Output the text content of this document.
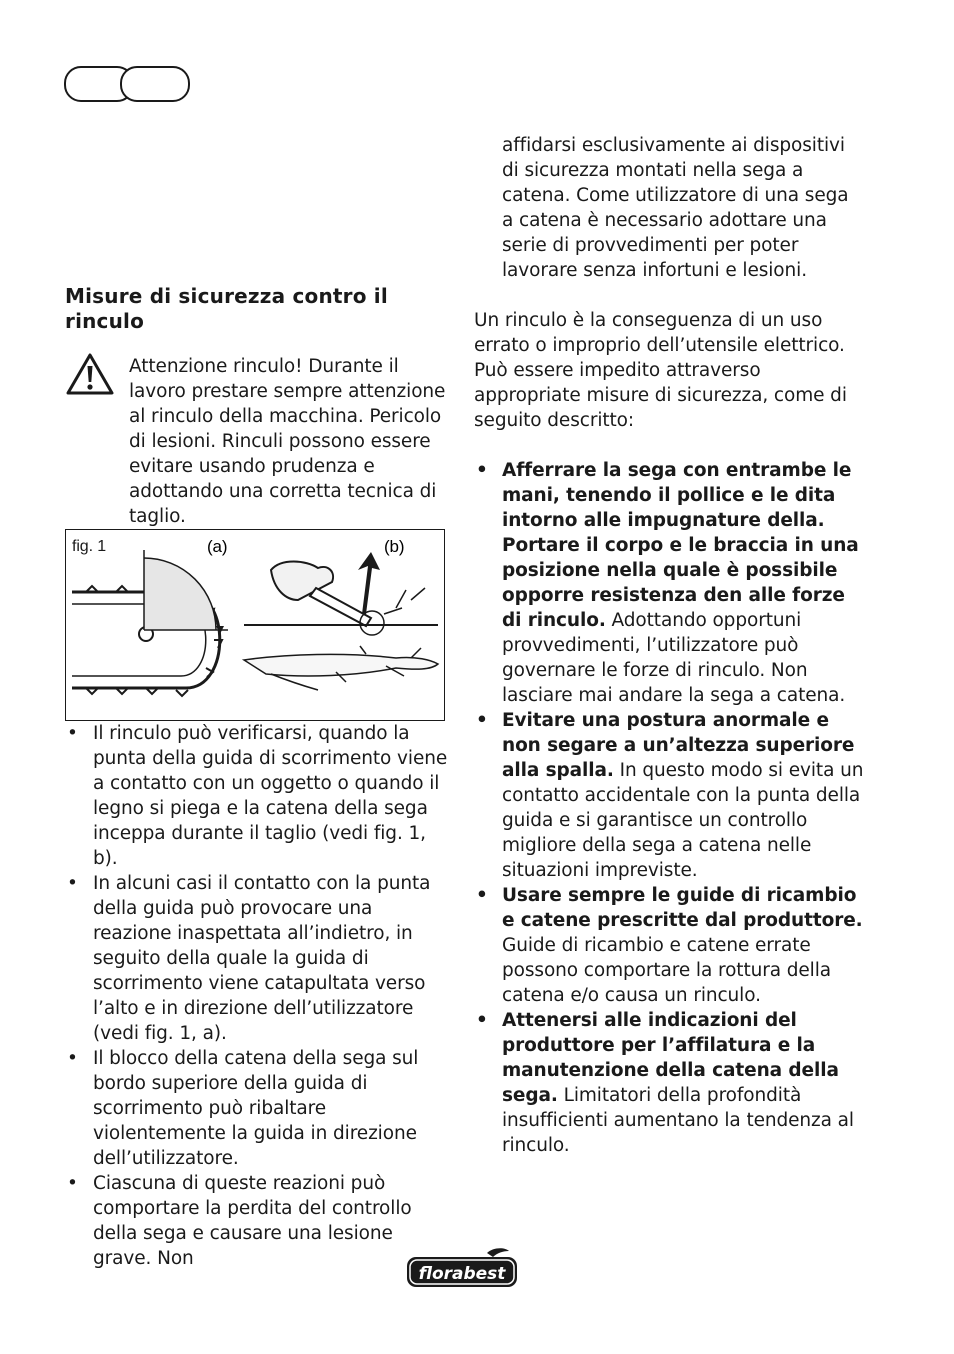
Misure di sicurezza contro il rinculo

Attenzione rinculo! Durante il lavoro prestare sempre attenzione al rinculo della macchina. Pericolo di lesioni. Rinculi possono essere evitare usando prudenza e adottando una corretta tecnica di taglio.

fig. 1	(a)	(b)
• Il rinculo può verificarsi, quando la punta della guida di scorrimento viene a contatto con un oggetto o quando il legno si piega e la catena della sega inceppa durante il taglio (vedi fig. 1, b).
• In alcuni casi il contatto con la punta della guida può provocare una reazione inaspettata all’indietro, in seguito della quale la guida di scorrimento viene catapultata verso l’alto e in direzione dell’utilizzatore (vedi fig. 1, a).
• Il blocco della catena della sega sul bordo superiore della guida di scorrimento può ribaltare violentemente la guida in direzione dell’utilizzatore.
• Ciascuna di queste reazioni può comportare la perdita del controllo della sega e causare una lesione grave. Non

affidarsi esclusivamente ai dispositivi di sicurezza montati nella sega a catena. Come utilizzatore di una sega a catena è necessario adottare una serie di provvedimenti per poter lavorare senza infortuni e lesioni.

Un rinculo è la conseguenza di un uso errato o improprio dell’utensile elettrico. Può essere impedito attraverso appropriate misure di sicurezza, come di seguito descritto:

• Afferrare la sega con entrambe le mani, tenendo il pollice e le dita intorno alle impugnature della. Portare il corpo e le braccia in una posizione nella quale è possibile opporre resistenza den alle forze di rinculo. Adottando opportuni provvedimenti, l’utilizzatore può governare le forze di rinculo. Non lasciare mai andare la sega a catena.
• Evitare una postura anormale e non segare a un’altezza superiore alla spalla. In questo modo si evita un contatto accidentale con la punta della guida e si garantisce un controllo migliore della sega a catena nelle situazioni impreviste.
• Usare sempre le guide di ricambio e catene prescritte dal produttore. Guide di ricambio e catene errate possono comportare la rottura della catena e/o causa un rinculo.
• Attenersi alle indicazioni del produttore per l’affilatura e la manutenzione della catena della sega. Limitatori della profondità insufficienti aumentano la tendenza al rinculo.
florabest
